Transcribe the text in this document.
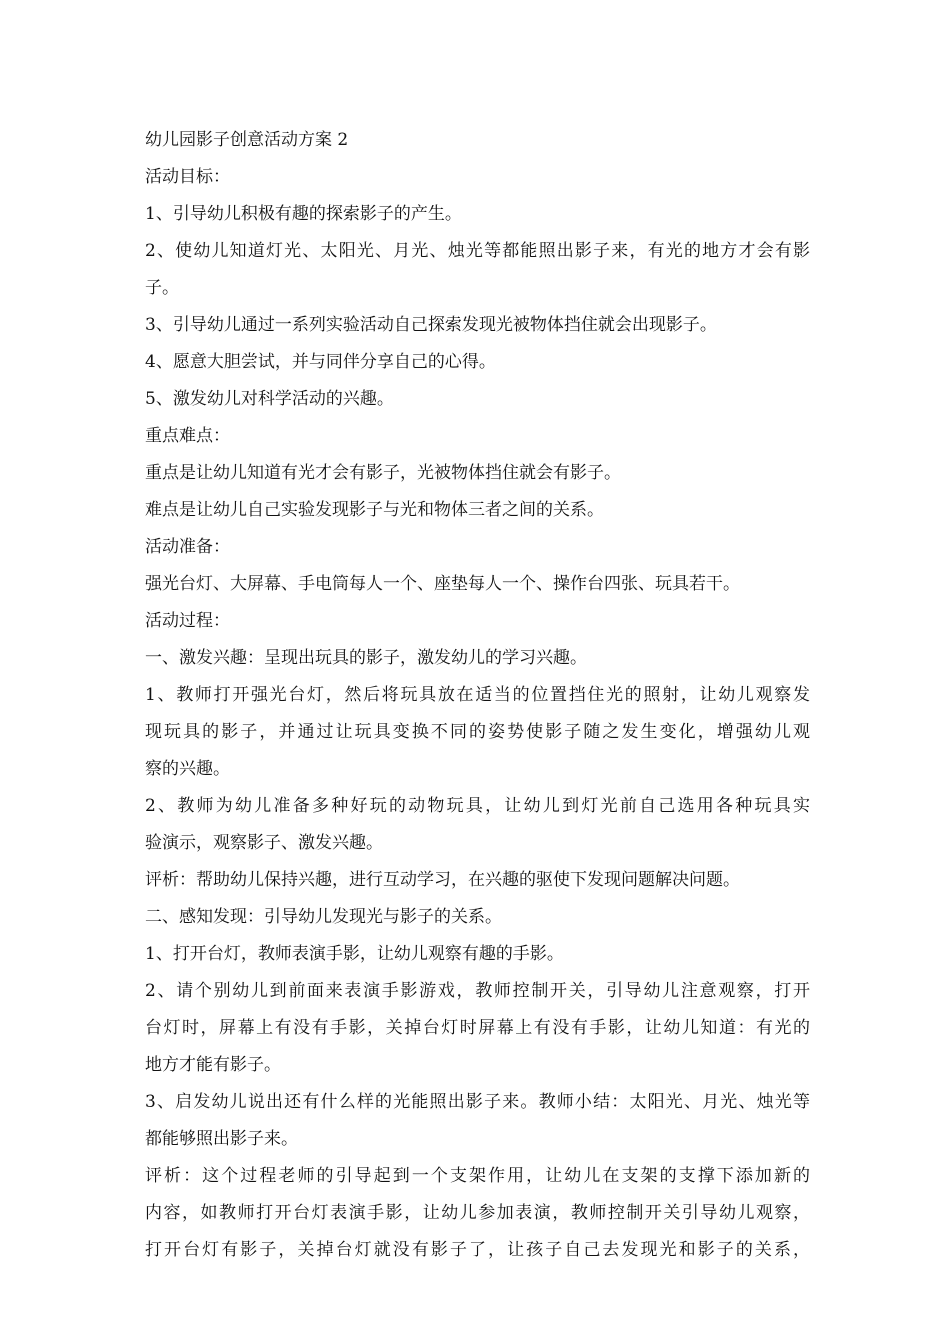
幼儿园影子创意活动方案 2
活动目标：
1、引导幼儿积极有趣的探索影子的产生。
2、使幼儿知道灯光、太阳光、月光、烛光等都能照出影子来，有光的地方才会有影
子。
3、引导幼儿通过一系列实验活动自己探索发现光被物体挡住就会出现影子。
4、愿意大胆尝试，并与同伴分享自己的心得。
5、激发幼儿对科学活动的兴趣。
重点难点：
重点是让幼儿知道有光才会有影子，光被物体挡住就会有影子。
难点是让幼儿自己实验发现影子与光和物体三者之间的关系。
活动准备：
强光台灯、大屏幕、手电筒每人一个、座垫每人一个、操作台四张、玩具若干。
活动过程：
一、激发兴趣：呈现出玩具的影子，激发幼儿的学习兴趣。
1、教师打开强光台灯，然后将玩具放在适当的位置挡住光的照射，让幼儿观察发
现玩具的影子，并通过让玩具变换不同的姿势使影子随之发生变化，增强幼儿观
察的兴趣。
2、教师为幼儿准备多种好玩的动物玩具，让幼儿到灯光前自己选用各种玩具实
验演示，观察影子、激发兴趣。
评析：帮助幼儿保持兴趣，进行互动学习，在兴趣的驱使下发现问题解决问题。
二、感知发现：引导幼儿发现光与影子的关系。
1、打开台灯，教师表演手影，让幼儿观察有趣的手影。
2、请个别幼儿到前面来表演手影游戏，教师控制开关，引导幼儿注意观察，打开
台灯时，屏幕上有没有手影，关掉台灯时屏幕上有没有手影，让幼儿知道：有光的
地方才能有影子。
3、启发幼儿说出还有什么样的光能照出影子来。教师小结：太阳光、月光、烛光等
都能够照出影子来。
评析：这个过程老师的引导起到一个支架作用，让幼儿在支架的支撑下添加新的
内容，如教师打开台灯表演手影，让幼儿参加表演，教师控制开关引导幼儿观察，
打开台灯有影子，关掉台灯就没有影子了，让孩子自己去发现光和影子的关系，
